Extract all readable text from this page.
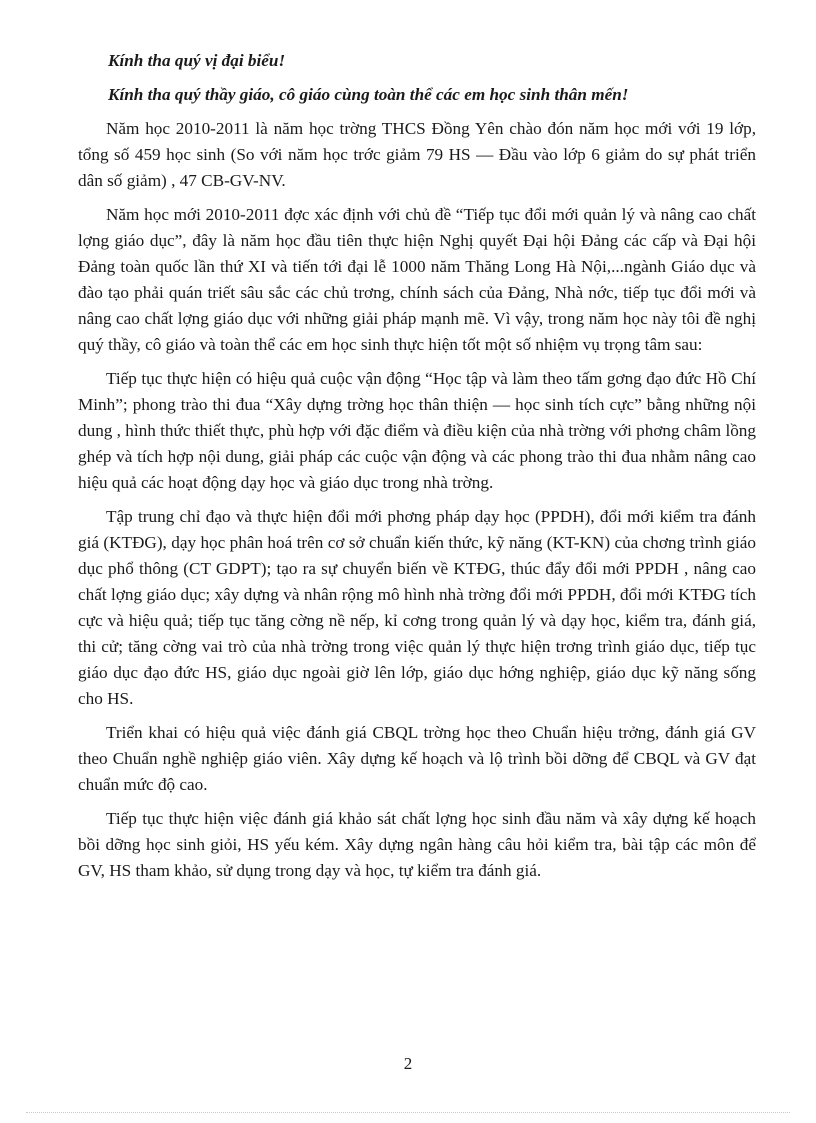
Kính tha quý vị đại biểu!

Kính tha quý thầy giáo, cô giáo cùng toàn thể các em học sinh thân mến!

Năm học 2010-2011 là năm học trờng THCS Đồng Yên chào đón năm học mới với 19 lớp, tổng số 459 học sinh (So với năm học trớc giảm 79 HS — Đầu vào lớp 6 giảm do sự phát triển dân số giảm) , 47 CB-GV-NV.

Năm học mới 2010-2011 đợc xác định với chủ đề “Tiếp tục đổi mới quản lý và nâng cao chất lợng giáo dục”, đây là năm học đầu tiên thực hiện Nghị quyết Đại hội Đảng các cấp và Đại hội Đảng toàn quốc lần thứ XI và tiến tới đại lễ 1000 năm Thăng Long Hà Nội,...ngành Giáo dục và đào tạo phải quán triết sâu sắc các chủ trơng, chính sách của Đảng, Nhà nớc, tiếp tục đổi mới và nâng cao chất lợng giáo dục với những giải pháp mạnh mẽ. Vì vậy, trong năm học này tôi đề nghị quý thầy, cô giáo và toàn thể các em học sinh thực hiện tốt một số nhiệm vụ trọng tâm sau:

Tiếp tục thực hiện có hiệu quả cuộc vận động “Học tập và làm theo tấm gơng đạo đức Hồ Chí Minh”; phong trào thi đua “Xây dựng trờng học thân thiện — học sinh tích cực” bằng những nội dung , hình thức thiết thực, phù hợp với đặc điểm và điều kiện của nhà trờng với phơng châm lồng ghép và tích hợp nội dung, giải pháp các cuộc vận động và các phong trào thi đua nhằm nâng cao hiệu quả các hoạt động dạy học và giáo dục trong nhà trờng.

Tập trung chỉ đạo và thực hiện đổi mới phơng pháp dạy học (PPDH), đổi mới kiểm tra đánh giá (KTĐG), dạy học phân hoá trên cơ sở chuẩn kiến thức, kỹ năng (KT-KN) của chơng trình giáo dục phổ thông (CT GDPT); tạo ra sự chuyển biến về KTĐG, thúc đẩy đổi mới PPDH , nâng cao chất lợng giáo dục; xây dựng và nhân rộng mô hình nhà trờng đổi mới PPDH, đổi mới KTĐG tích cực và hiệu quả; tiếp tục tăng cờng nề nếp, kỉ cơng trong quản lý và dạy học, kiểm tra, đánh giá, thi cử; tăng cờng vai trò của nhà trờng trong việc quản lý thực hiện trơng trình giáo dục, tiếp tục giáo dục đạo đức HS, giáo dục ngoài giờ lên lớp, giáo dục hớng nghiệp, giáo dục kỹ năng sống cho HS.

Triển khai có hiệu quả việc đánh giá CBQL trờng học theo Chuẩn hiệu trởng, đánh giá GV theo Chuẩn nghề nghiệp giáo viên. Xây dựng kế hoạch và lộ trình bồi dỡng để CBQL và GV đạt chuẩn mức độ cao.

Tiếp tục thực hiện việc đánh giá khảo sát chất lợng học sinh đầu năm và xây dựng kế hoạch bồi dỡng học sinh giỏi, HS yếu kém. Xây dựng ngân hàng câu hỏi kiểm tra, bài tập các môn để GV, HS tham khảo, sử dụng trong dạy và học, tự kiểm tra đánh giá.

2
